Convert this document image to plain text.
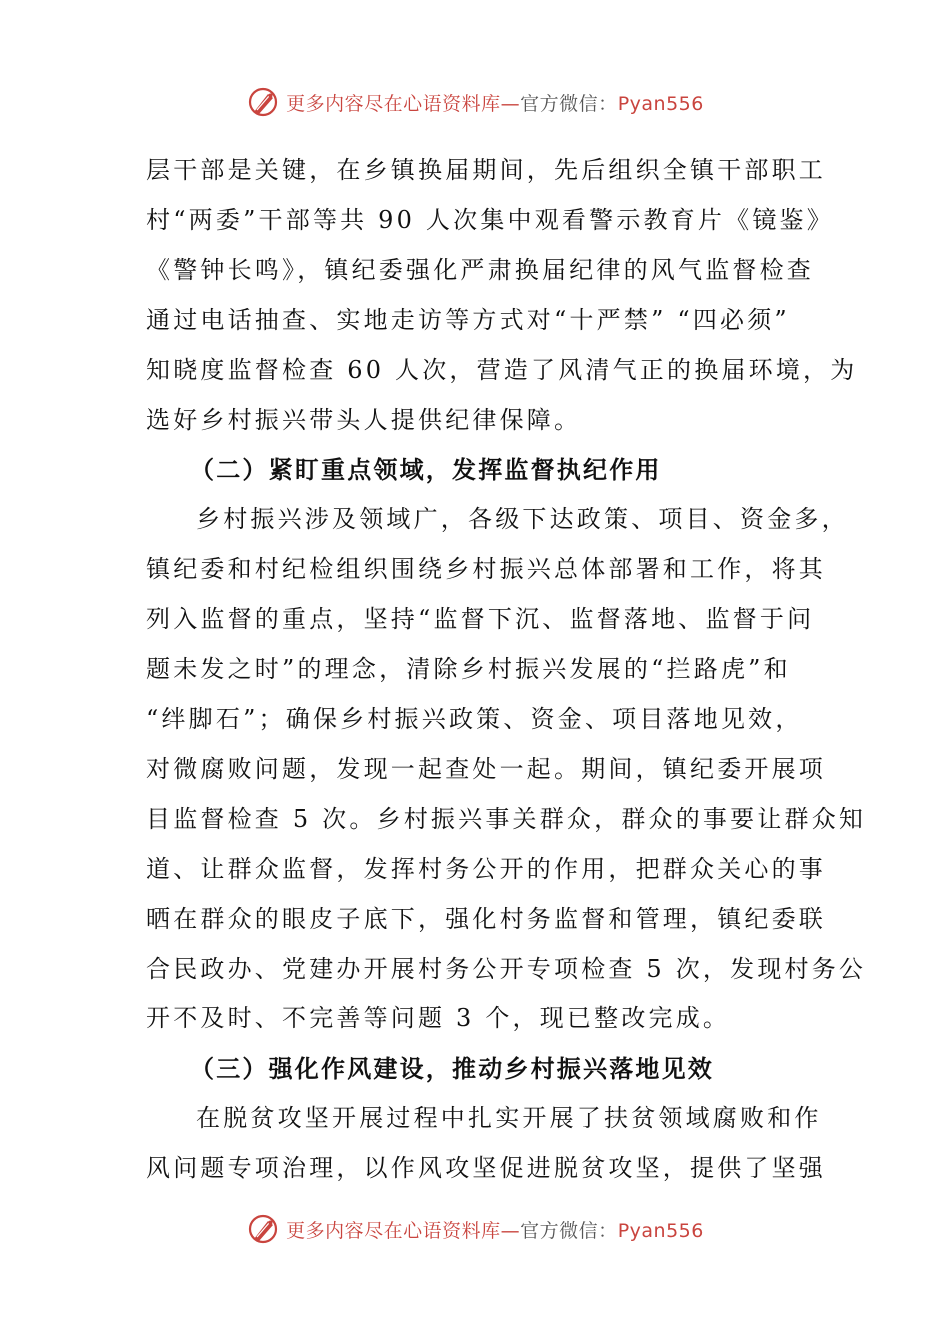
更多内容尽在心语资料库—官方微信：Pyan556

层干部是关键，在乡镇换届期间，先后组织全镇干部职工
村“两委”干部等共 90 人次集中观看警示教育片《镜鉴》
《警钟长鸣》，镇纪委强化严肃换届纪律的风气监督检查
通过电话抽查、实地走访等方式对“十严禁” “四必须”
知晓度监督检查 60 人次，营造了风清气正的换届环境，为
选好乡村振兴带头人提供纪律保障。

（二）紧盯重点领域，发挥监督执纪作用

乡村振兴涉及领域广，各级下达政策、项目、资金多，
镇纪委和村纪检组织围绕乡村振兴总体部署和工作，将其
列入监督的重点，坚持“监督下沉、监督落地、监督于问
题未发之时”的理念，清除乡村振兴发展的“拦路虎”和
“绊脚石”；确保乡村振兴政策、资金、项目落地见效，
对微腐败问题，发现一起查处一起。期间，镇纪委开展项
目监督检查 5 次。乡村振兴事关群众，群众的事要让群众知
道、让群众监督，发挥村务公开的作用，把群众关心的事
晒在群众的眼皮子底下，强化村务监督和管理，镇纪委联
合民政办、党建办开展村务公开专项检查 5 次，发现村务公
开不及时、不完善等问题 3 个，现已整改完成。

（三）强化作风建设，推动乡村振兴落地见效

在脱贫攻坚开展过程中扎实开展了扶贫领域腐败和作
风问题专项治理，以作风攻坚促进脱贫攻坚，提供了坚强

更多内容尽在心语资料库—官方微信：Pyan556
